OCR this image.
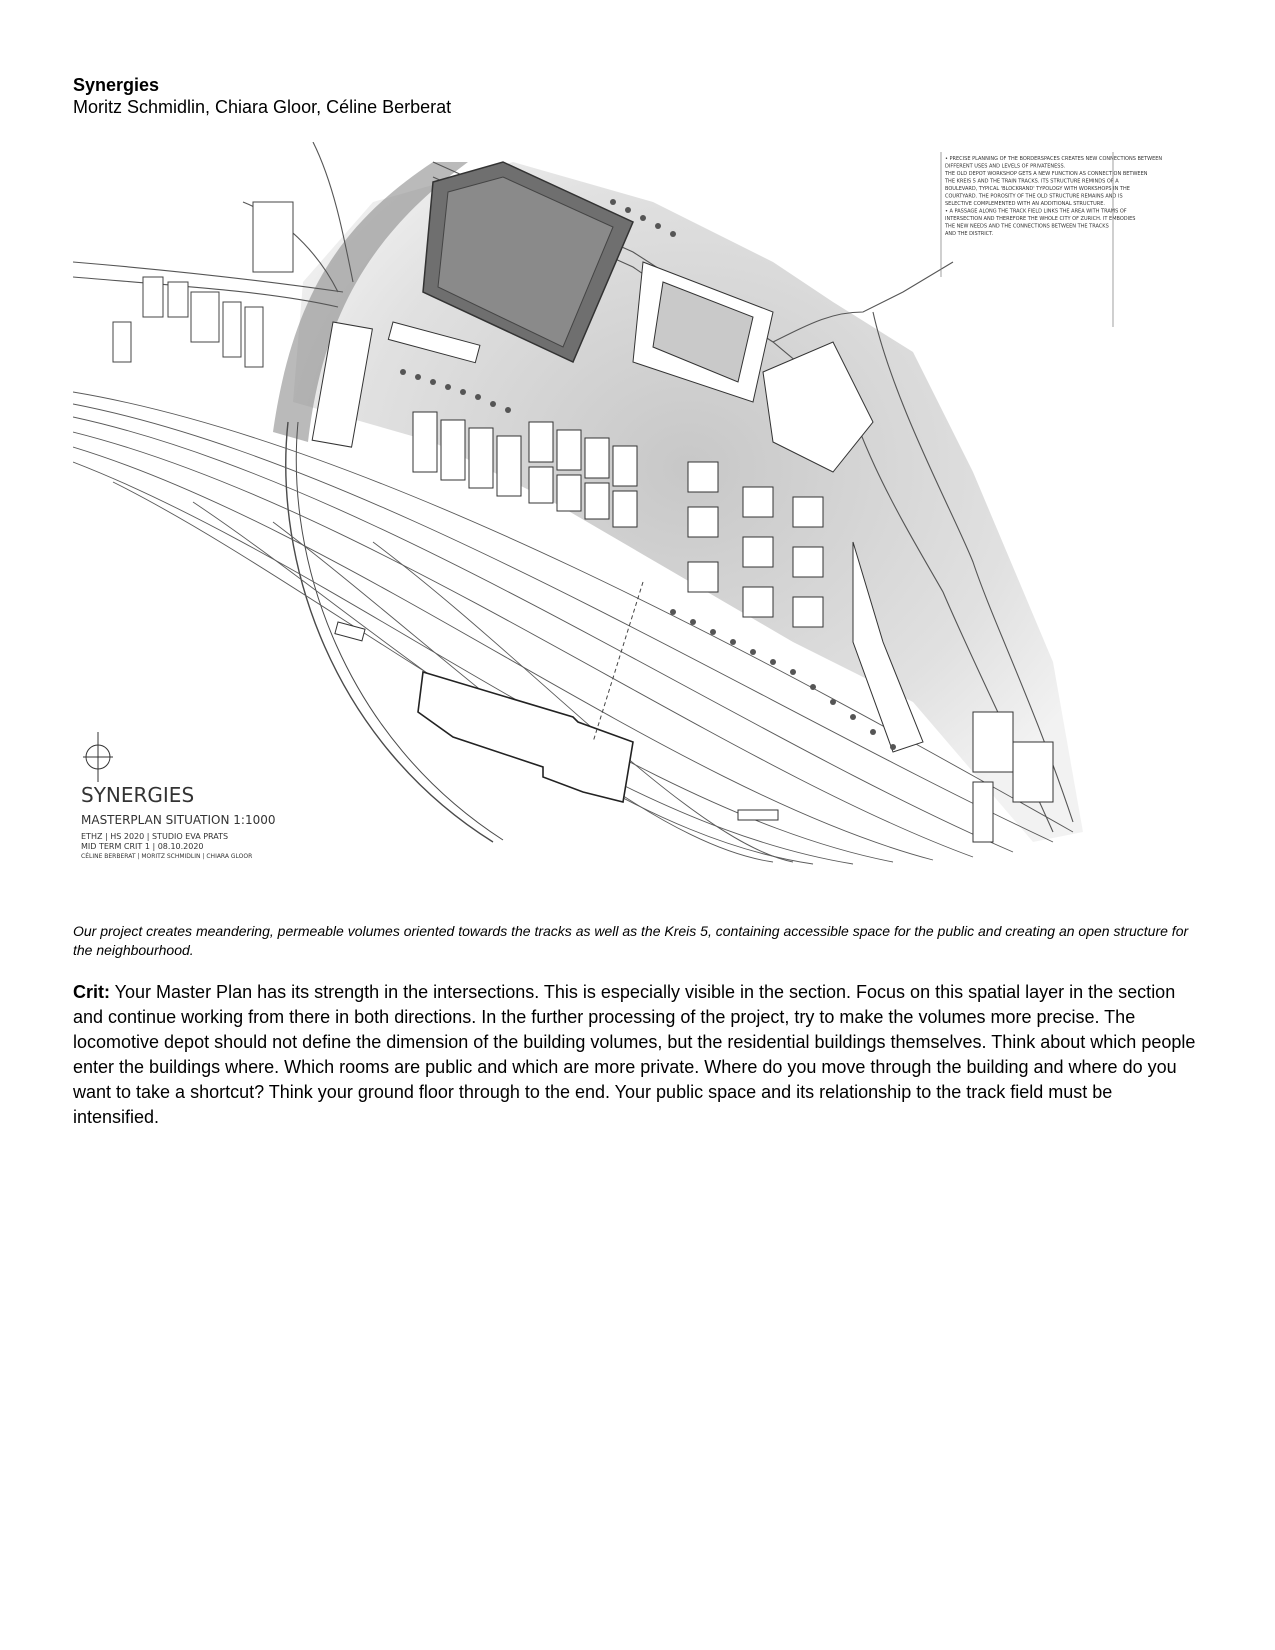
Synergies

Moritz Schmidlin, Chiara Gloor, Céline Berberat

SYNERGIES
MASTERPLAN SITUATION 1:1000
ETHZ | HS 2020 | STUDIO EVA PRATS
MID TERM CRIT 1 | 08.10.2020
CÉLINE BERBERAT | MORITZ SCHMIDLIN | CHIARA GLOOR
• PRECISE PLANNING OF THE BORDERSPACES CREATES NEW CONNECTIONS BETWEEN
DIFFERENT USES AND LEVELS OF PRIVATENESS.
THE OLD DEPOT WORKSHOP GETS A NEW FUNCTION AS CONNECTION BETWEEN
THE KREIS 5 AND THE TRAIN TRACKS. ITS STRUCTURE REMINDS OF A
BOULEVARD, TYPICAL 'BLOCKRAND' TYPOLOGY WITH WORKSHOPS IN THE
COURTYARD. THE POROSITY OF THE OLD STRUCTURE REMAINS AND IS
SELECTIVE COMPLEMENTED WITH AN ADDITIONAL STRUCTURE.
• A PASSAGE ALONG THE TRACK FIELD LINKS THE AREA WITH TRAMS OF
INTERSECTION AND THEREFORE THE WHOLE CITY OF ZURICH. IT EMBODIES
THE NEW NEEDS AND THE CONNECTIONS BETWEEN THE TRACKS
AND THE DISTRICT.

Our project creates meandering, permeable volumes oriented towards the tracks as well as the Kreis 5, containing accessible space for the public and creating an open structure for the neighbourhood.

Crit: Your Master Plan has its strength in the intersections. This is especially visible in the section. Focus on this spatial layer in the section and continue working from there in both directions. In the further processing of the project, try to make the volumes more precise. The locomotive depot should not define the dimension of the building volumes, but the residential buildings themselves. Think about which people enter the buildings where. Which rooms are public and which are more private. Where do you move through the building and where do you want to take a shortcut? Think your ground floor through to the end. Your public space and its relationship to the track field must be intensified.
